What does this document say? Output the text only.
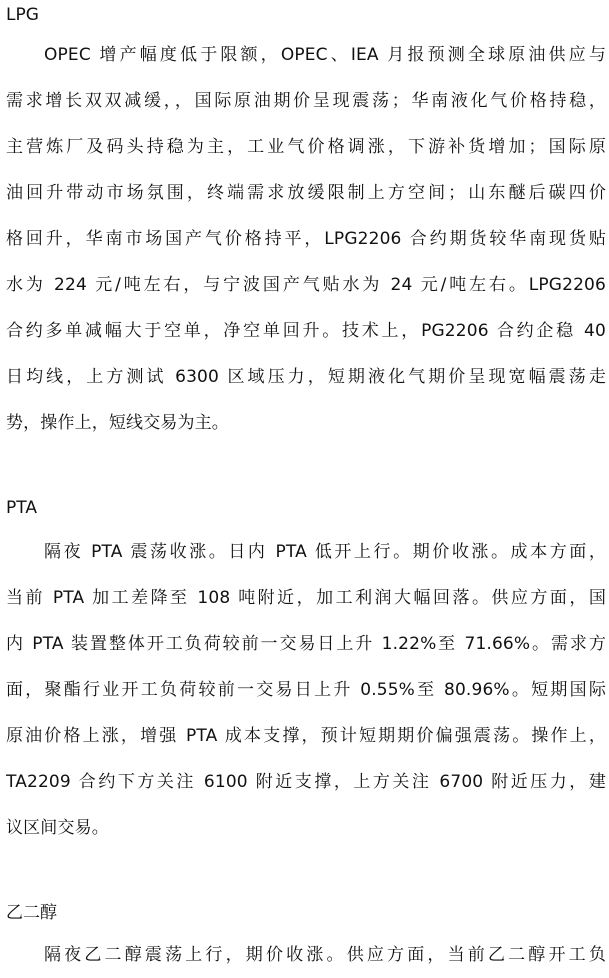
LPG
OPEC 增产幅度低于限额，OPEC、IEA 月报预测全球原油供应与
需求增长双双减缓，，国际原油期价呈现震荡；华南液化气价格持稳，
主营炼厂及码头持稳为主，工业气价格调涨，下游补货增加；国际原
油回升带动市场氛围，终端需求放缓限制上方空间；山东醚后碳四价
格回升，华南市场国产气价格持平，LPG2206 合约期货较华南现货贴
水为 224 元/吨左右，与宁波国产气贴水为 24 元/吨左右。LPG2206
合约多单减幅大于空单，净空单回升。技术上，PG2206 合约企稳 40
日均线，上方测试 6300 区域压力，短期液化气期价呈现宽幅震荡走
势，操作上，短线交易为主。
PTA
隔夜 PTA 震荡收涨。日内 PTA 低开上行。期价收涨。成本方面，
当前 PTA 加工差降至 108 吨附近，加工利润大幅回落。供应方面，国
内 PTA 装置整体开工负荷较前一交易日上升 1.22%至 71.66%。需求方
面，聚酯行业开工负荷较前一交易日上升 0.55%至 80.96%。短期国际
原油价格上涨，增强 PTA 成本支撑，预计短期期价偏强震荡。操作上，
TA2209 合约下方关注 6100 附近支撑，上方关注 6700 附近压力，建
议区间交易。
乙二醇
隔夜乙二醇震荡上行，期价收涨。供应方面，当前乙二醇开工负
